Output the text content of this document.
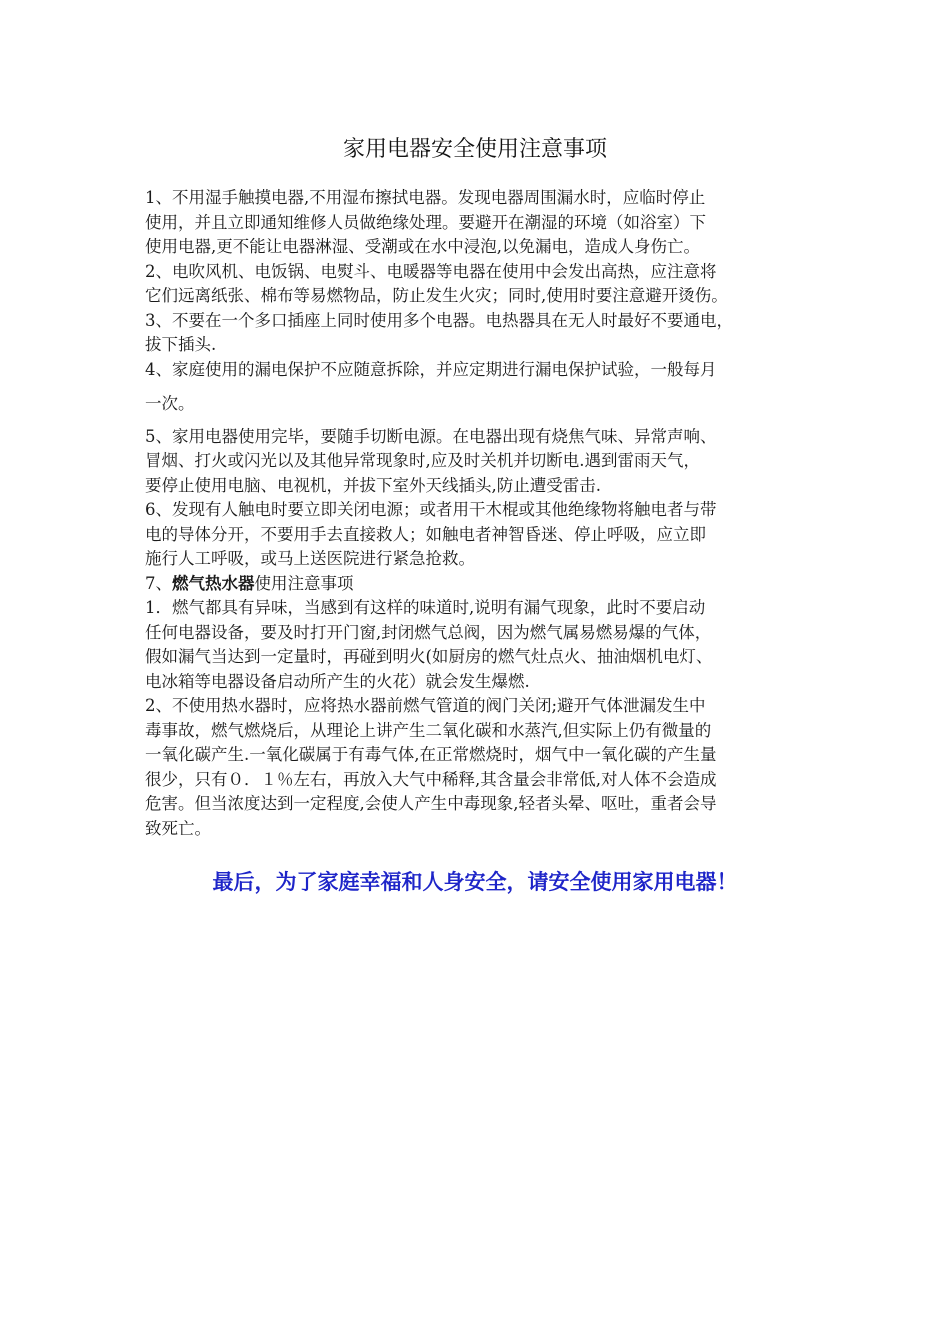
家用电器安全使用注意事项
1、不用湿手触摸电器,不用湿布擦拭电器。发现电器周围漏水时，应临时停止
使用，并且立即通知维修人员做绝缘处理。要避开在潮湿的环境（如浴室）下
使用电器,更不能让电器淋湿、受潮或在水中浸泡,以免漏电，造成人身伤亡。
2、电吹风机、电饭锅、电熨斗、电暖器等电器在使用中会发出高热，应注意将
它们远离纸张、棉布等易燃物品，防止发生火灾；同时,使用时要注意避开烫伤。
3、不要在一个多口插座上同时使用多个电器。电热器具在无人时最好不要通电，
拔下插头.
4、家庭使用的漏电保护不应随意拆除，并应定期进行漏电保护试验，一般每月
一次。
5、家用电器使用完毕，要随手切断电源。在电器出现有烧焦气味、异常声响、
冒烟、打火或闪光以及其他异常现象时,应及时关机并切断电.遇到雷雨天气，
要停止使用电脑、电视机，并拔下室外天线插头,防止遭受雷击.
6、发现有人触电时要立即关闭电源；或者用干木棍或其他绝缘物将触电者与带
电的导体分开，不要用手去直接救人；如触电者神智昏迷、停止呼吸，应立即
施行人工呼吸，或马上送医院进行紧急抢救。
7、燃气热水器使用注意事项
1．燃气都具有异味，当感到有这样的味道时,说明有漏气现象，此时不要启动
任何电器设备，要及时打开门窗,封闭燃气总阀，因为燃气属易燃易爆的气体，
假如漏气当达到一定量时，再碰到明火(如厨房的燃气灶点火、抽油烟机电灯、
电冰箱等电器设备启动所产生的火花）就会发生爆燃.
2、不使用热水器时，应将热水器前燃气管道的阀门关闭;避开气体泄漏发生中
毒事故，燃气燃烧后，从理论上讲产生二氧化碳和水蒸汽,但实际上仍有微量的
一氧化碳产生.一氧化碳属于有毒气体,在正常燃烧时，烟气中一氧化碳的产生量
很少，只有０．１％左右，再放入大气中稀释,其含量会非常低,对人体不会造成
危害。但当浓度达到一定程度,会使人产生中毒现象,轻者头晕、呕吐，重者会导
致死亡。
最后，为了家庭幸福和人身安全，请安全使用家用电器！
